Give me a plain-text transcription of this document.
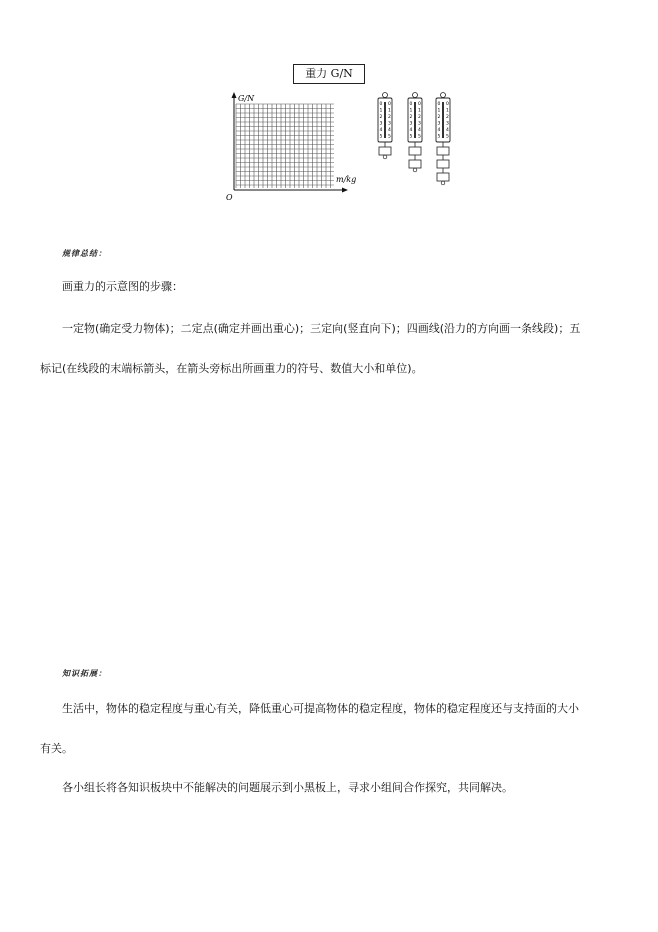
重力 G/N
G/N
m/kg
O
0 0
1 1
2 2
3 3
4 4
5 5
0 0
1 1
2 2
3 3
4 4
5 5
0 0
1 1
2 2
3 3
4 4
5 5
规律总结：
画重力的示意图的步骤：
一定物(确定受力物体)；二定点(确定并画出重心)；三定向(竖直向下)；四画线(沿力的方向画一条线段)；五
标记(在线段的末端标箭头，在箭头旁标出所画重力的符号、数值大小和单位)。
知识拓展：
生活中，物体的稳定程度与重心有关，降低重心可提高物体的稳定程度，物体的稳定程度还与支持面的大小
有关。
各小组长将各知识板块中不能解决的问题展示到小黑板上，寻求小组间合作探究，共同解决。
